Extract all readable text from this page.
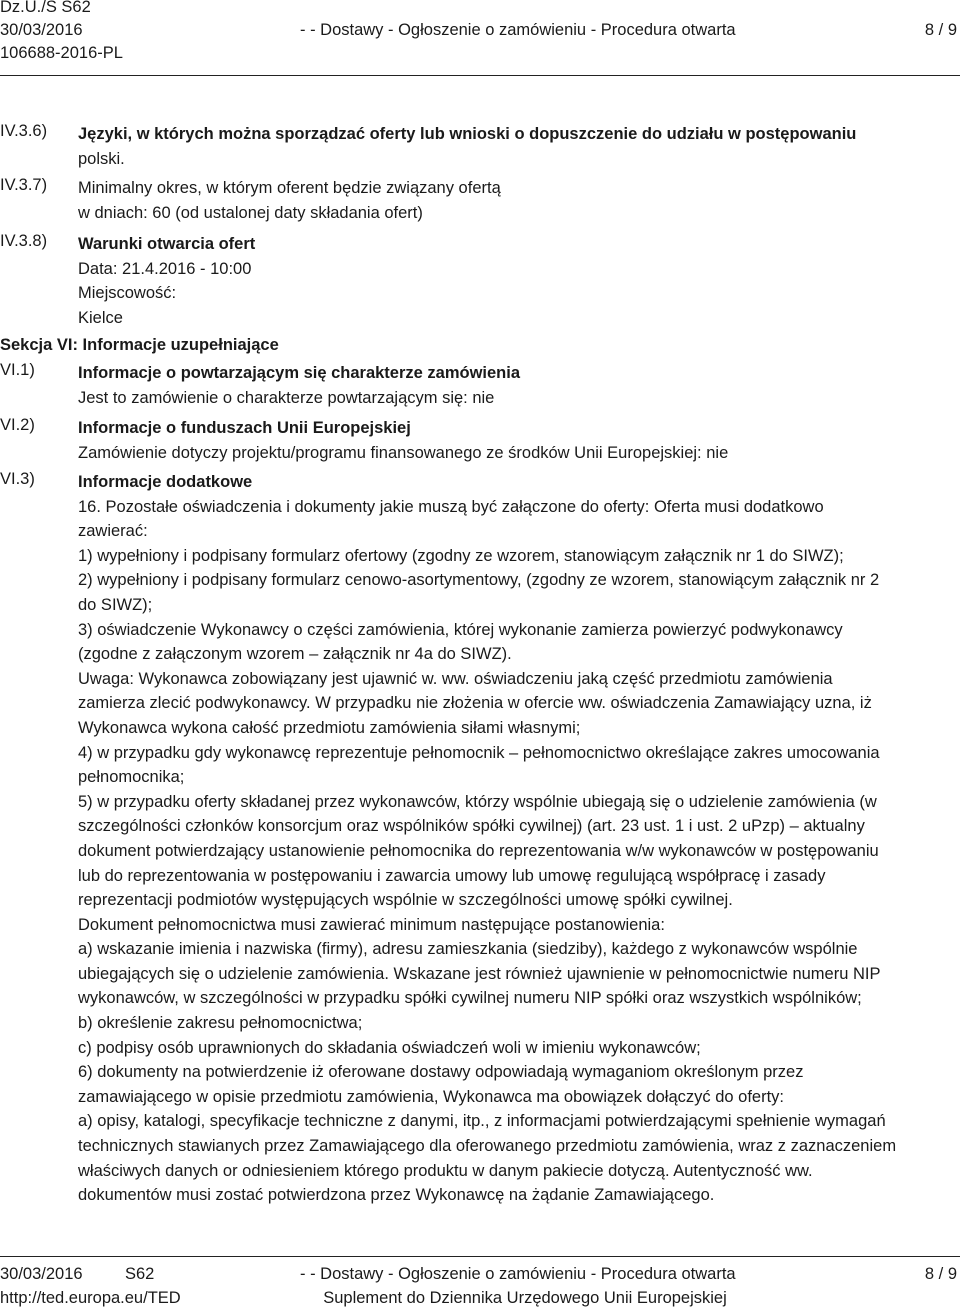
Dz.U./S S62
30/03/2016
106688-2016-PL
- - Dostawy - Ogłoszenie o zamówieniu - Procedura otwarta	8 / 9
IV.3.6) Języki, w których można sporządzać oferty lub wnioski o dopuszczenie do udziału w postępowaniu
polski.
IV.3.7) Minimalny okres, w którym oferent będzie związany ofertą
w dniach: 60 (od ustalonej daty składania ofert)
IV.3.8) Warunki otwarcia ofert
Data: 21.4.2016 - 10:00
Miejscowość:
Kielce
Sekcja VI: Informacje uzupełniające
VI.1)	Informacje o powtarzającym się charakterze zamówienia
Jest to zamówienie o charakterze powtarzającym się: nie
VI.2)	Informacje o funduszach Unii Europejskiej
Zamówienie dotyczy projektu/programu finansowanego ze środków Unii Europejskiej: nie
VI.3)	Informacje dodatkowe
16. Pozostałe oświadczenia i dokumenty jakie muszą być załączone do oferty: Oferta musi dodatkowo
zawierać:
1) wypełniony i podpisany formularz ofertowy (zgodny ze wzorem, stanowiącym załącznik nr 1 do SIWZ);
2) wypełniony i podpisany formularz cenowo-asortymentowy, (zgodny ze wzorem, stanowiącym załącznik nr 2
do SIWZ);
3) oświadczenie Wykonawcy o części zamówienia, której wykonanie zamierza powierzyć podwykonawcy
(zgodne z załączonym wzorem – załącznik nr 4a do SIWZ).
Uwaga: Wykonawca zobowiązany jest ujawnić w. ww. oświadczeniu jaką część przedmiotu zamówienia
zamierza zlecić podwykonawcy. W przypadku nie złożenia w ofercie ww. oświadczenia Zamawiający uzna, iż
Wykonawca wykona całość przedmiotu zamówienia siłami własnymi;
4) w przypadku gdy wykonawcę reprezentuje pełnomocnik – pełnomocnictwo określające zakres umocowania
pełnomocnika;
5) w przypadku oferty składanej przez wykonawców, którzy wspólnie ubiegają się o udzielenie zamówienia (w
szczególności członków konsorcjum oraz wspólników spółki cywilnej) (art. 23 ust. 1 i ust. 2 uPzp) – aktualny
dokument potwierdzający ustanowienie pełnomocnika do reprezentowania w/w wykonawców w postępowaniu
lub do reprezentowania w postępowaniu i zawarcia umowy lub umowę regulującą współpracę i zasady
reprezentacji podmiotów występujących wspólnie w szczególności umowę spółki cywilnej.
Dokument pełnomocnictwa musi zawierać minimum następujące postanowienia:
a) wskazanie imienia i nazwiska (firmy), adresu zamieszkania (siedziby), każdego z wykonawców wspólnie
ubiegających się o udzielenie zamówienia. Wskazane jest również ujawnienie w pełnomocnictwie numeru NIP
wykonawców, w szczególności w przypadku spółki cywilnej numeru NIP spółki oraz wszystkich wspólników;
b) określenie zakresu pełnomocnictwa;
c) podpisy osób uprawnionych do składania oświadczeń woli w imieniu wykonawców;
6) dokumenty na potwierdzenie iż oferowane dostawy odpowiadają wymaganiom określonym przez
zamawiającego w opisie przedmiotu zamówienia, Wykonawca ma obowiązek dołączyć do oferty:
a) opisy, katalogi, specyfikacje techniczne z danymi, itp., z informacjami potwierdzającymi spełnienie wymagań
technicznych stawianych przez Zamawiającego dla oferowanego przedmiotu zamówienia, wraz z zaznaczeniem
właściwych danych or odniesieniem którego produktu w danym pakiecie dotyczą. Autentyczność ww.
dokumentów musi zostać potwierdzona przez Wykonawcę na żądanie Zamawiającego.
30/03/2016	S62
http://ted.europa.eu/TED
- - Dostawy - Ogłoszenie o zamówieniu - Procedura otwarta
Suplement do Dziennika Urzędowego Unii Europejskiej
8 / 9
